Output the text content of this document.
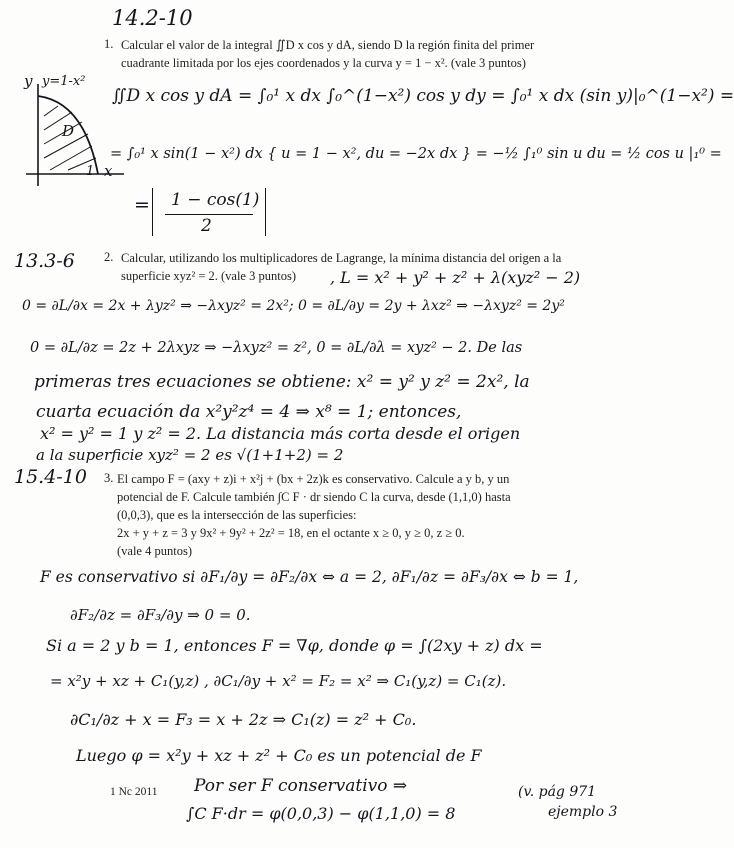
14.2-10
1. Calcular el valor de la integral ∬D x cos y dA, siendo D la región finita del primer
cuadrante limitada por los ejes coordenados y la curva y = 1 − x². (vale 3 puntos)
y y=1-x²
D
1 x
∬D x cos y dA = ∫₀¹ x dx ∫₀^(1−x²) cos y dy = ∫₀¹ x dx (sin y)|₀^(1−x²) =
= ∫₀¹ x sin(1 − x²) dx { u = 1 − x², du = −2x dx } = −½ ∫₁⁰ sin u du = ½ cos u |₁⁰ =
1 − cos(1)
2
=
13.3-6 2. Calcular, utilizando los multiplicadores de Lagrange, la mínima distancia del origen a la
superficie xyz² = 2. (vale 3 puntos) , L = x² + y² + z² + λ(xyz² − 2)
0 = ∂L/∂x = 2x + λyz² ⇒ −λxyz² = 2x²; 0 = ∂L/∂y = 2y + λxz² ⇒ −λxyz² = 2y²
0 = ∂L/∂z = 2z + 2λxyz ⇒ −λxyz² = z², 0 = ∂L/∂λ = xyz² − 2. De las
primeras tres ecuaciones se obtiene: x² = y² y z² = 2x², la
cuarta ecuación da x²y²z⁴ = 4 ⇒ x⁸ = 1; entonces,
x² = y² = 1 y z² = 2. La distancia más corta desde el origen
a la superficie xyz² = 2 es √(1+1+2) = 2
15.4-10 3. El campo F = (axy + z)i + x²j + (bx + 2z)k es conservativo. Calcule a y b, y un
potencial de F. Calcule también ∫C F · dr siendo C la curva, desde (1,1,0) hasta
(0,0,3), que es la intersección de las superficies:
2x + y + z = 3 y 9x² + 9y² + 2z² = 18, en el octante x ≥ 0, y ≥ 0, z ≥ 0.
(vale 4 puntos)
F es conservativo si ∂F₁/∂y = ∂F₂/∂x ⇔ a = 2, ∂F₁/∂z = ∂F₃/∂x ⇔ b = 1,
∂F₂/∂z = ∂F₃/∂y ⇒ 0 = 0.
Si a = 2 y b = 1, entonces F = ∇φ, donde φ = ∫(2xy + z) dx =
= x²y + xz + C₁(y,z) , ∂C₁/∂y + x² = F₂ = x² ⇒ C₁(y,z) = C₁(z).
∂C₁/∂z + x = F₃ = x + 2z ⇒ C₁(z) = z² + C₀.
Luego φ = x²y + xz + z² + C₀ es un potencial de F
1 Nc 2011 Por ser F conservativo ⇒
∫C F·dr = φ(0,0,3) − φ(1,1,0) = 8
(v. pág 971
ejemplo 3
